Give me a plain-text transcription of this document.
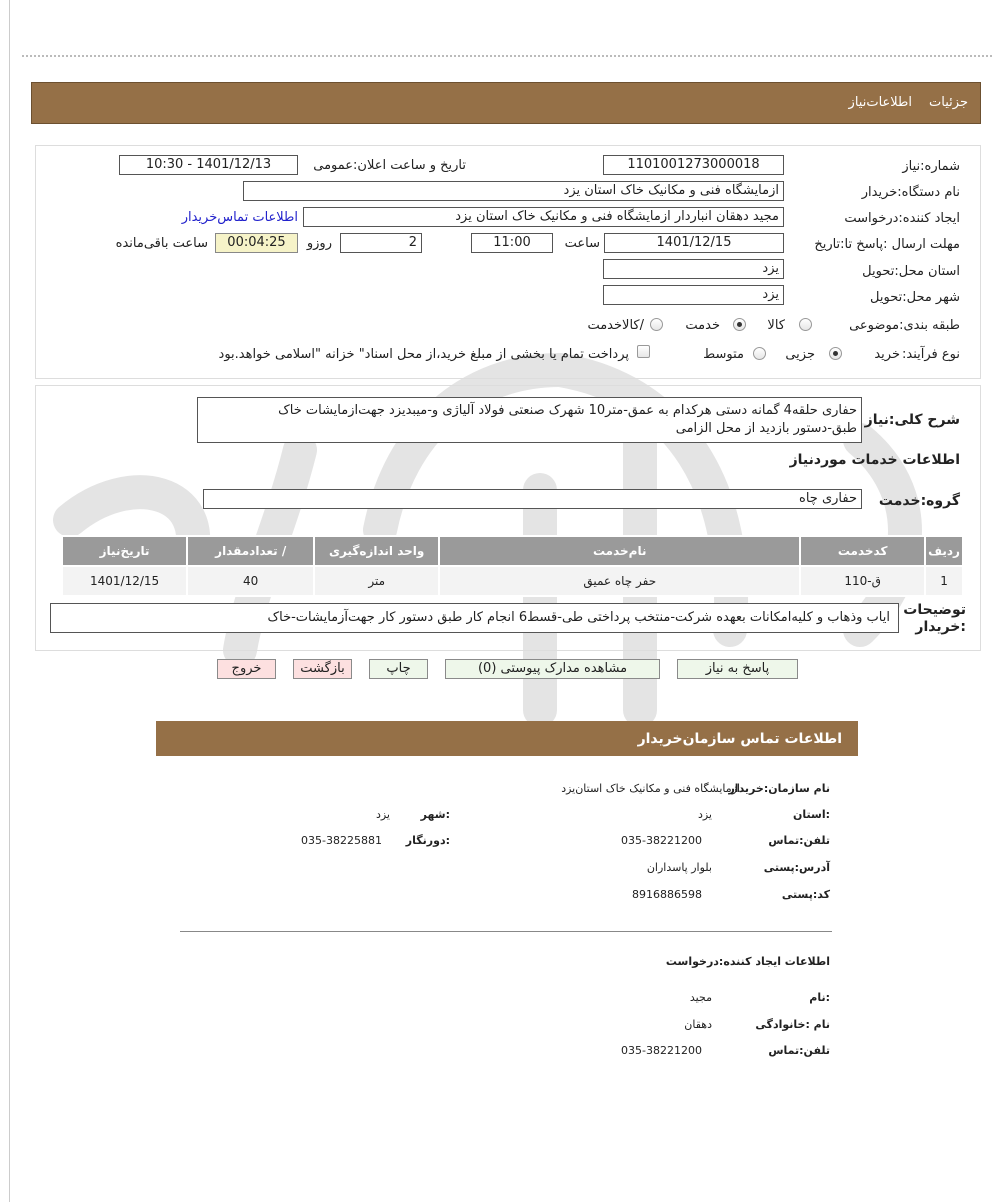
جزئیات
اطلاعات‌نیاز
شماره:نیاز
1101001273000018
تاریخ و ساعت اعلان:عمومی
1401/12/13 - 10:30
نام دستگاه:خریدار
ازمایشگاه فنی و مکانیک خاک استان یزد
ایجاد کننده:درخواست
مجید دهقان انباردار ازمایشگاه فنی و مکانیک خاک استان یزد
اطلاعات تماس‌خریدار
مهلت ارسال :پاسخ تا:تاریخ
1401/12/15
ساعت
11:00
2
روزو
00:04:25
ساعت باقی‌مانده
استان محل:تحویل
یزد
شهر محل:تحویل
یزد
طبقه بندی:موضوعی
کالا
خدمت
/کالاخدمت
نوع فرآیند:
خرید
جزیی
متوسط
پرداخت تمام یا بخشی از مبلغ خرید،از محل اسناد" خزانه "اسلامی خواهد.بود
شرح کلی:نیاز
حفاری حلقه4 گمانه دستی هرکدام به عمق-متر10 شهرک صنعتی فولاد آلیاژی و-میبدیزد جهت‌ازمایشات خاک
طبق-دستور بازدید از محل الزامی
اطلاعات خدمات موردنیاز
گروه:خدمت
حفاری چاه
ردیف	کدخدمت	نام‌خدمت	واحد اندازه‌گیری	/ تعدادمقدار	تاریخ‌نیاز
1	ق-110	حفر چاه عمیق	متر	40	1401/12/15
توضیحات
:خریدار
ایاب وذهاب و کلیه‌امکانات بعهده شرکت-منتخب پرداختی طی-قسط6 انجام کار طبق دستور کار جهت‌آزمایشات-خاک
پاسخ به نیاز
مشاهده مدارک پیوستی (0)
چاپ
بازگشت
خروج
اطلاعات تماس سازمان‌خریدار
نام سازمان:خریدار
ازمایشگاه فنی و مکانیک خاک استان‌یزد
:استان
یزد
:شهر
یزد
تلفن:تماس
035-38221200
:دورنگار
035-38225881
آدرس:پستی
بلوار پاسداران
کد:پستی
8916886598
اطلاعات ایجاد کننده:درخواست
:نام
مجید
نام :خانوادگی
دهقان
تلفن:تماس
035-38221200
